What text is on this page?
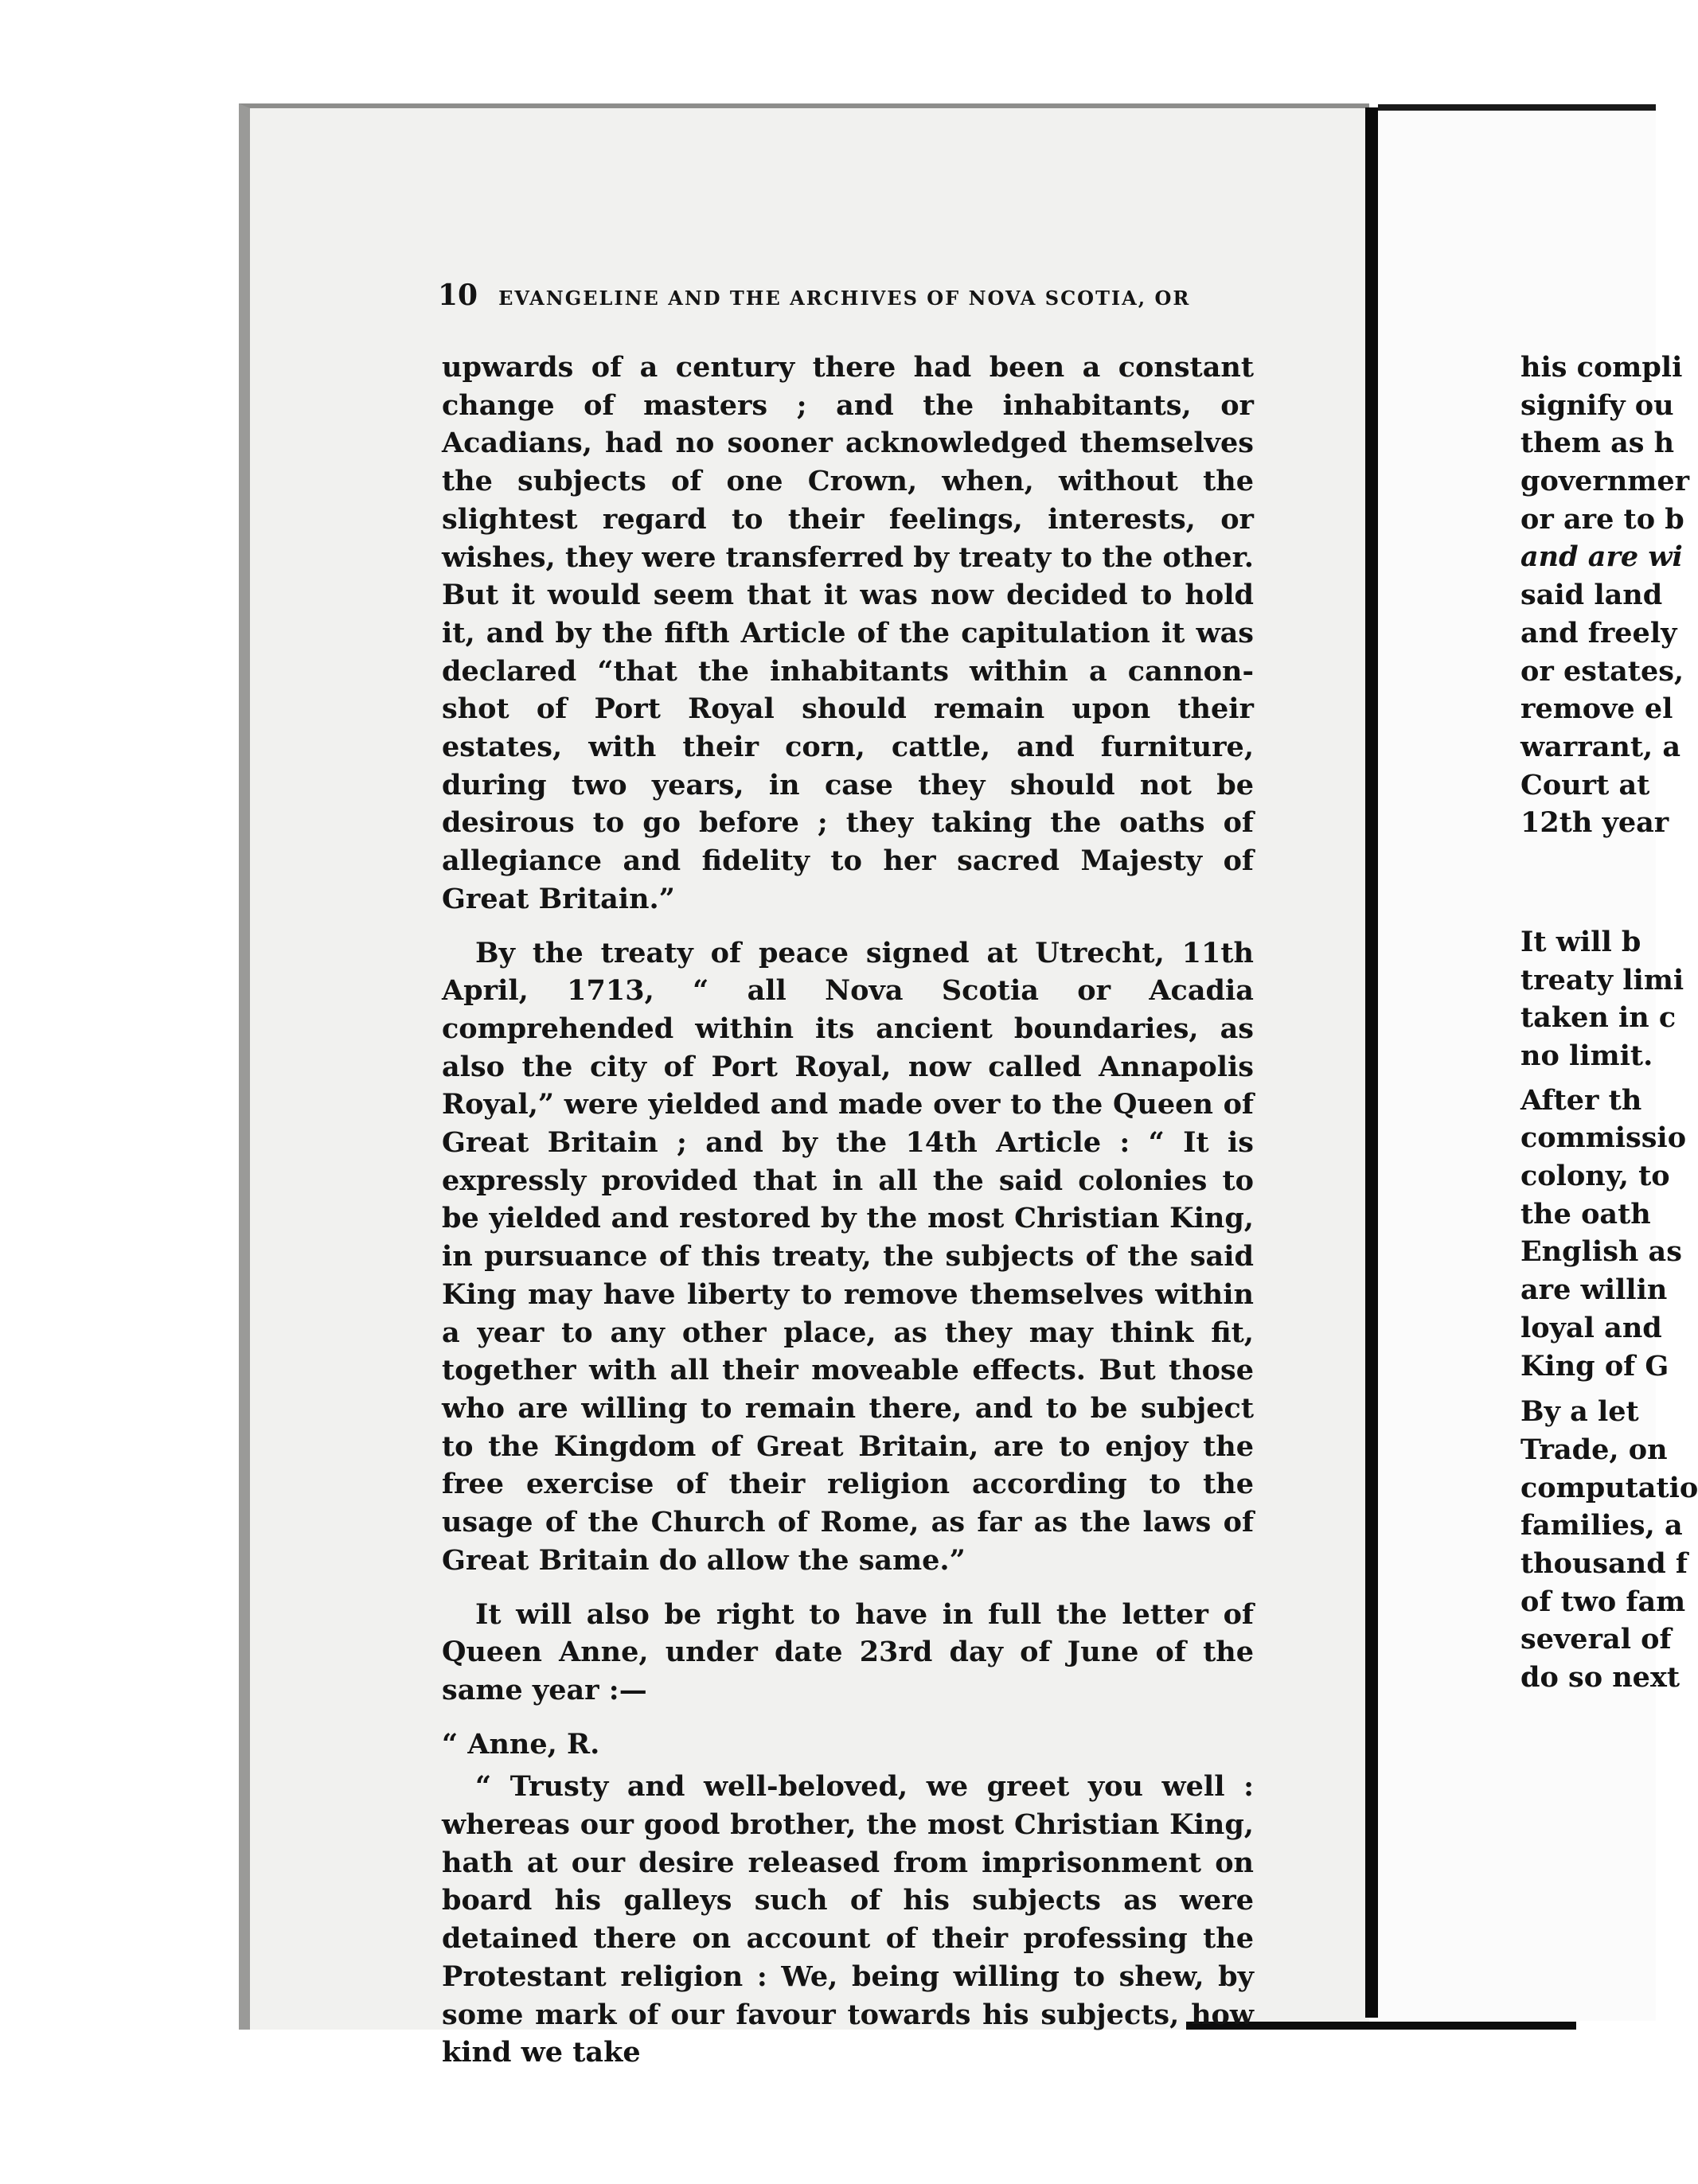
10 EVANGELINE AND THE ARCHIVES OF NOVA SCOTIA, OR

upwards of a century there had been a constant change of masters ; and the inhabitants, or Acadians, had no sooner acknowledged themselves the subjects of one Crown, when, without the slightest regard to their feelings, interests, or wishes, they were transferred by treaty to the other. But it would seem that it was now decided to hold it, and by the fifth Article of the capitulation it was declared “that the inhabitants within a cannon-shot of Port Royal should remain upon their estates, with their corn, cattle, and furniture, during two years, in case they should not be desirous to go before ; they taking the oaths of allegiance and fidelity to her sacred Majesty of Great Britain.”

By the treaty of peace signed at Utrecht, 11th April, 1713, “ all Nova Scotia or Acadia comprehended within its ancient boundaries, as also the city of Port Royal, now called Annapolis Royal,” were yielded and made over to the Queen of Great Britain ; and by the 14th Article : “ It is expressly provided that in all the said colonies to be yielded and restored by the most Christian King, in pursuance of this treaty, the subjects of the said King may have liberty to remove themselves within a year to any other place, as they may think fit, together with all their moveable effects. But those who are willing to remain there, and to be subject to the Kingdom of Great Britain, are to enjoy the free exercise of their religion according to the usage of the Church of Rome, as far as the laws of Great Britain do allow the same.”

It will also be right to have in full the letter of Queen Anne, under date 23rd day of June of the same year :—

“ Anne, R.

“ Trusty and well-beloved, we greet you well : whereas our good brother, the most Christian King, hath at our desire released from imprisonment on board his galleys such of his subjects as were detained there on account of their professing the Protestant religion : We, being willing to shew, by some mark of our favour towards his subjects, how kind we take

his compli
signify ou
them as h
governmer
or are to b
and are wi
said land
and freely
or estates,
remove el
warrant, a
Court at
12th year
It will b
treaty limi
taken in c
no limit.
After th
commissio
colony, to
the oath
English as
are willin
loyal and
King of G
By a let
Trade, on
computatio
families, a
thousand f
of two fam
several of
do so next
